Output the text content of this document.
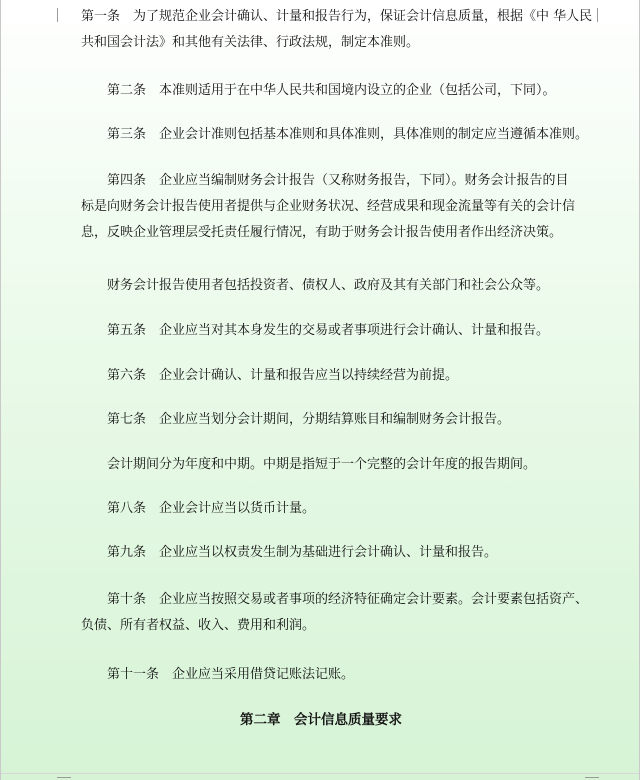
第一条　为了规范企业会计确认、计量和报告行为，保证会计信息质量，根据《中 华人民
共和国会计法》和其他有关法律、行政法规，制定本准则。

　　第二条　本准则适用于在中华人民共和国境内设立的企业（包括公司，下同）。

　　第三条　企业会计准则包括基本准则和具体准则，具体准则的制定应当遵循本准则。

　　第四条　企业应当编制财务会计报告（又称财务报告，下同）。财务会计报告的目
标是向财务会计报告使用者提供与企业财务状况、经营成果和现金流量等有关的会计信
息，反映企业管理层受托责任履行情况，有助于财务会计报告使用者作出经济决策。

　　财务会计报告使用者包括投资者、债权人、政府及其有关部门和社会公众等。

　　第五条　企业应当对其本身发生的交易或者事项进行会计确认、计量和报告。

　　第六条　企业会计确认、计量和报告应当以持续经营为前提。

　　第七条　企业应当划分会计期间，分期结算账目和编制财务会计报告。

　　会计期间分为年度和中期。中期是指短于一个完整的会计年度的报告期间。

　　第八条　企业会计应当以货币计量。

　　第九条　企业应当以权责发生制为基础进行会计确认、计量和报告。

　　第十条　企业应当按照交易或者事项的经济特征确定会计要素。会计要素包括资产、
负债、所有者权益、收入、费用和利润。

　　第十一条　企业应当采用借贷记账法记账。

第二章　会计信息质量要求
